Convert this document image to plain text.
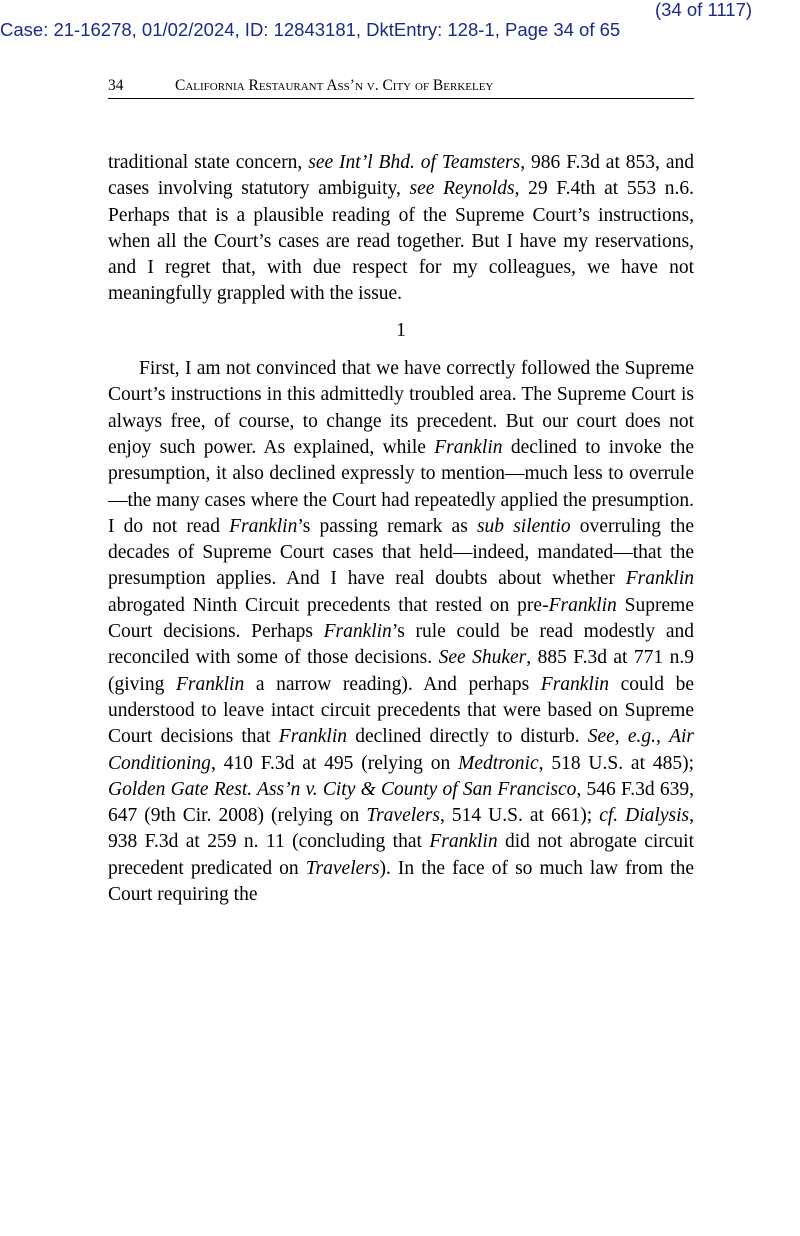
(34 of 1117)
Case: 21-16278, 01/02/2024, ID: 12843181, DktEntry: 128-1, Page 34 of 65
34	California Restaurant Ass’n v. City of Berkeley

traditional state concern, see Int’l Bhd. of Teamsters, 986 F.3d at 853, and cases involving statutory ambiguity, see Reynolds, 29 F.4th at 553 n.6. Perhaps that is a plausible reading of the Supreme Court’s instructions, when all the Court’s cases are read together. But I have my reservations, and I regret that, with due respect for my colleagues, we have not meaningfully grappled with the issue.

1

First, I am not convinced that we have correctly followed the Supreme Court’s instructions in this admittedly troubled area. The Supreme Court is always free, of course, to change its precedent. But our court does not enjoy such power. As explained, while Franklin declined to invoke the presumption, it also declined expressly to mention—much less to overrule—the many cases where the Court had repeatedly applied the presumption. I do not read Franklin’s passing remark as sub silentio overruling the decades of Supreme Court cases that held—indeed, mandated—that the presumption applies. And I have real doubts about whether Franklin abrogated Ninth Circuit precedents that rested on pre-Franklin Supreme Court decisions. Perhaps Franklin’s rule could be read modestly and reconciled with some of those decisions. See Shuker, 885 F.3d at 771 n.9 (giving Franklin a narrow reading). And perhaps Franklin could be understood to leave intact circuit precedents that were based on Supreme Court decisions that Franklin declined directly to disturb. See, e.g., Air Conditioning, 410 F.3d at 495 (relying on Medtronic, 518 U.S. at 485); Golden Gate Rest. Ass’n v. City & County of San Francisco, 546 F.3d 639, 647 (9th Cir. 2008) (relying on Travelers, 514 U.S. at 661); cf. Dialysis, 938 F.3d at 259 n. 11 (concluding that Franklin did not abrogate circuit precedent predicated on Travelers). In the face of so much law from the Court requiring the
